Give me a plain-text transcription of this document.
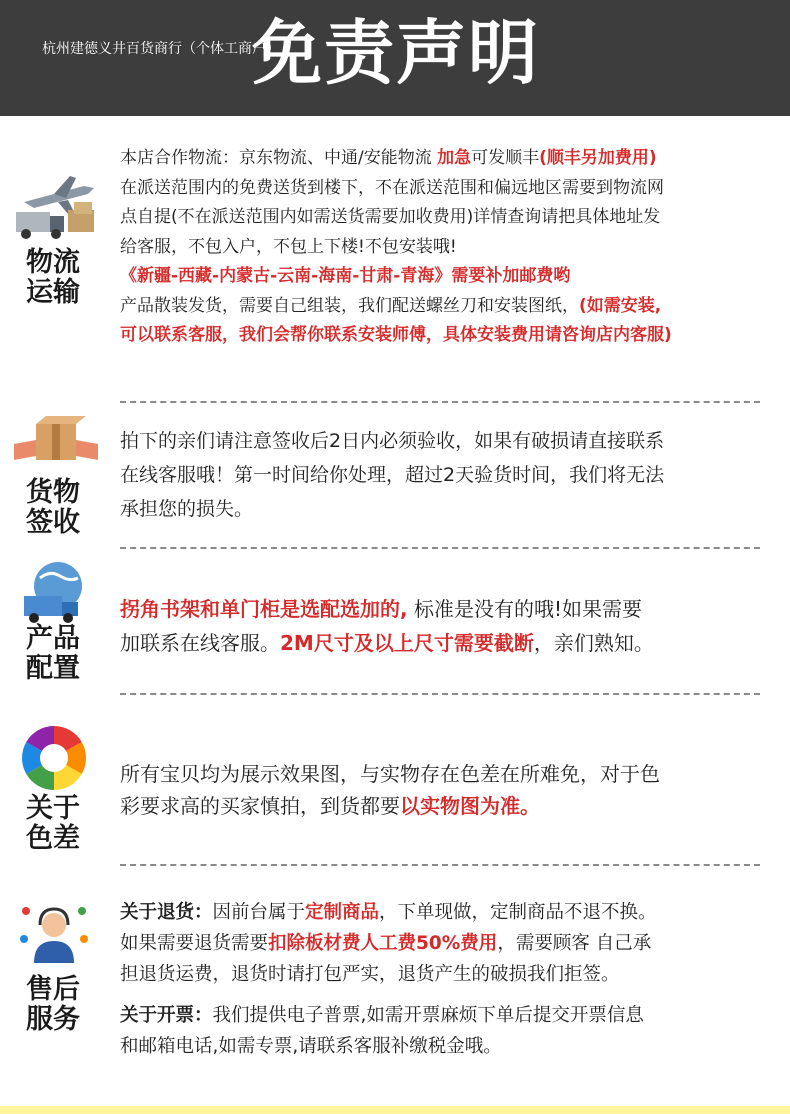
免责声明
杭州建德义井百货商行（个体工商户）
物流
运输
本店合作物流：京东物流、中通/安能物流 加急可发顺丰(顺丰另加费用)
在派送范围内的免费送货到楼下，不在派送范围和偏远地区需要到物流网
点自提(不在派送范围内如需送货需要加收费用)详情查询请把具体地址发
给客服，不包入户，不包上下楼!不包安装哦!
《新疆-西藏-内蒙古-云南-海南-甘肃-青海》需要补加邮费哟
产品散装发货，需要自己组装，我们配送螺丝刀和安装图纸，(如需安装,
可以联系客服，我们会帮你联系安装师傅，具体安装费用请咨询店内客服)
货物
签收
拍下的亲们请注意签收后2日内必须验收，如果有破损请直接联系
在线客服哦！第一时间给你处理，超过2天验货时间，我们将无法
承担您的损失。
产品
配置
拐角书架和单门柜是选配选加的, 标准是没有的哦!如果需要
加联系在线客服。2M尺寸及以上尺寸需要截断，亲们熟知。
关于
色差
所有宝贝均为展示效果图，与实物存在色差在所难免，对于色
彩要求高的买家慎拍，到货都要以实物图为准。
售后
服务
关于退货：因前台属于定制商品，下单现做，定制商品不退不换。
如果需要退货需要扣除板材费人工费50%费用，需要顾客 自己承
担退货运费，退货时请打包严实，退货产生的破损我们拒签。
关于开票：我们提供电子普票,如需开票麻烦下单后提交开票信息
和邮箱电话,如需专票,请联系客服补缴税金哦。
